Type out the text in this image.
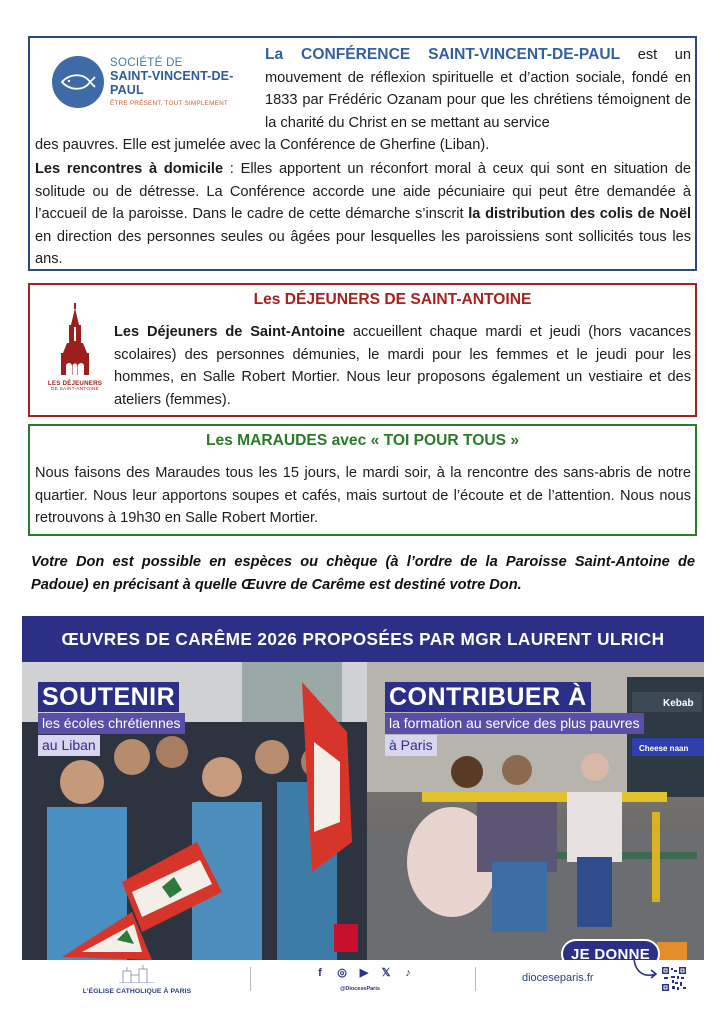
SOCIÉTÉ DE
SAINT-VINCENT-DE-PAUL
ÊTRE PRÉSENT, TOUT SIMPLEMENT

La CONFÉRENCE SAINT-VINCENT-DE-PAUL est un mouvement de réflexion spirituelle et d’action sociale, fondé en 1833 par Frédéric Ozanam pour que les chrétiens témoignent de la charité du Christ en se mettant au service

des pauvres. Elle est jumelée avec la Conférence de Gherfine (Liban).

Les rencontres à domicile : Elles apportent un réconfort moral à ceux qui sont en situation de solitude ou de détresse. La Conférence accorde une aide pécuniaire qui peut être demandée à l’accueil de la paroisse. Dans le cadre de cette démarche s’inscrit la distribution des colis de Noël en direction des personnes seules ou âgées pour lesquelles les paroissiens sont sollicités tous les ans.

Les DÉJEUNERS DE SAINT-ANTOINE
LES DÉJEUNERS
DE SAINT-ANTOINE

Les Déjeuners de Saint-Antoine accueillent chaque mardi et jeudi (hors vacances scolaires) des personnes démunies, le mardi pour les femmes et le jeudi pour les hommes, en Salle Robert Mortier. Nous leur proposons également un vestiaire et des ateliers (femmes).

Les MARAUDES avec « TOI POUR TOUS »

Nous faisons des Maraudes tous les 15 jours, le mardi soir, à la rencontre des sans-abris de notre quartier. Nous leur apportons soupes et cafés, mais surtout de l’écoute et de l’attention. Nous nous retrouvons à 19h30 en Salle Robert Mortier.

Votre Don est possible en espèces ou chèque (à l’ordre de la Paroisse Saint-Antoine de Padoue) en précisant à quelle Œuvre de Carême est destiné votre Don.

ŒUVRES DE CARÊME 2026 PROPOSÉES PAR MGR LAURENT ULRICH
SOUTENIR
les écoles chrétiennes
au Liban
Kebab
Cheese naan
CONTRIBUER À
la formation au service des plus pauvres
à Paris
JE DONNE
L’ÉGLISE CATHOLIQUE À PARIS
f	◎ ▶ 𝕏 ♪
@DioceseParis
dioceseparis.fr
